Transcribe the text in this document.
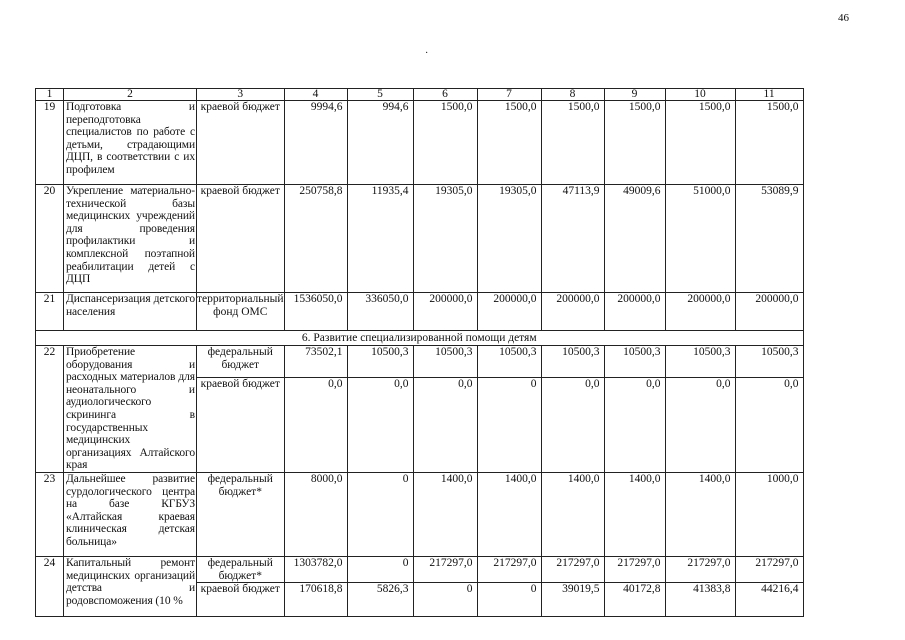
46
·
1	2	3	4	5	6	7	8	9	10	11
19	Подготовка и переподготовка специалистов по работе с детьми, страдающими ДЦП, в соответствии с их профилем	краевой бюджет	9994,6	994,6	1500,0	1500,0	1500,0	1500,0	1500,0	1500,0
20	Укрепление материально-технической базы медицинских учреждений для проведения профилактики и комплексной поэтапной реабилитации детей с ДЦП	краевой бюджет	250758,8	11935,4	19305,0	19305,0	47113,9	49009,6	51000,0	53089,9
21	Диспансеризация детского населения	территориальный фонд ОМС	1536050,0	336050,0	200000,0	200000,0	200000,0	200000,0	200000,0	200000,0
6. Развитие специализированной помощи детям										
22	Приобретение оборудования и расходных материалов для неонатального и аудиологического скрининга в государственных медицинских организациях Алтайского края	федеральный бюджет	73502,1	10500,3	10500,3	10500,3	10500,3	10500,3	10500,3	10500,3
		краевой бюджет	0,0	0,0	0,0	0	0,0	0,0	0,0	0,0
23	Дальнейшее развитие сурдологического центра на базе КГБУЗ «Алтайская краевая клиническая детская больница»	федеральный бюджет*	8000,0	0	1400,0	1400,0	1400,0	1400,0	1400,0	1000,0
24	Капитальный ремонт медицинских организаций детства и родовспоможения (10 %	федеральный бюджет*	1303782,0	0	217297,0	217297,0	217297,0	217297,0	217297,0	217297,0
		краевой бюджет	170618,8	5826,3	0	0	39019,5	40172,8	41383,8	44216,4
